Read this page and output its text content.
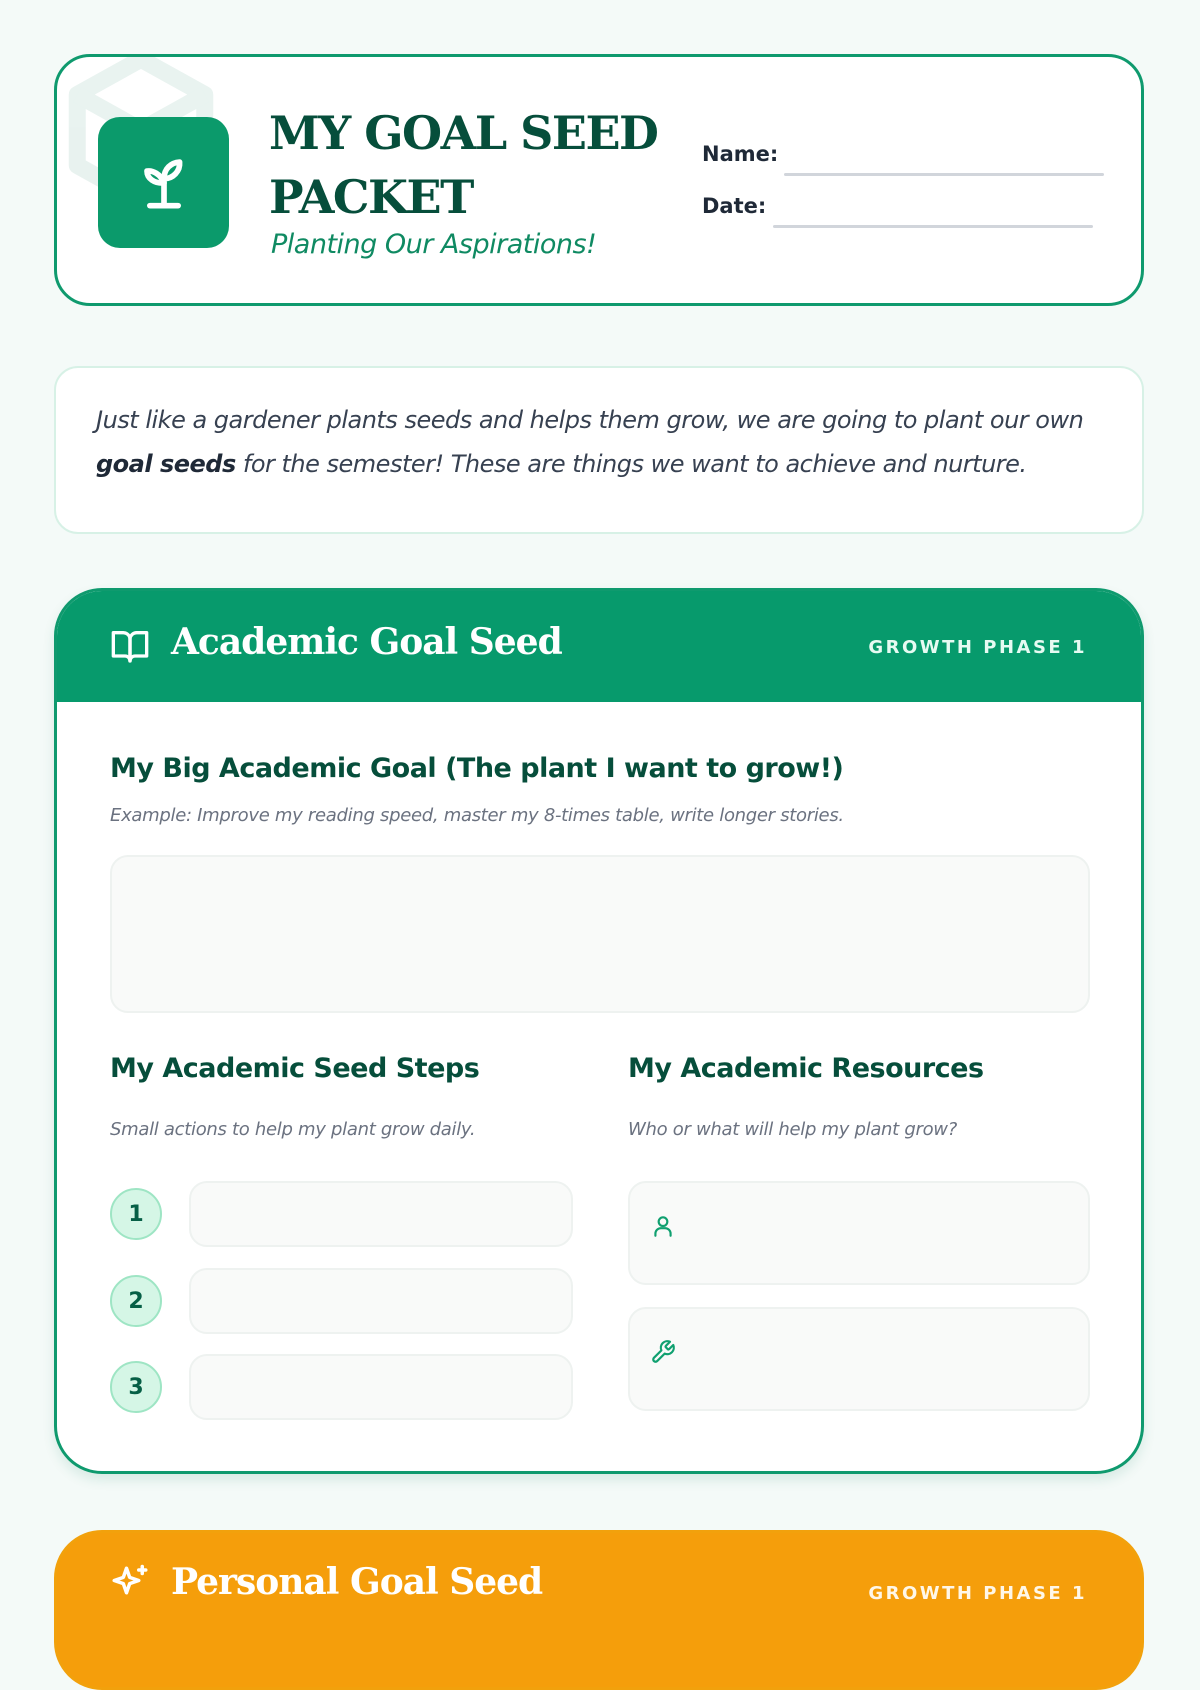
MY GOAL SEED
PACKET

Planting Our Aspirations!

Name:
Date:

Just like a gardener plants seeds and helps them grow, we are going to plant our own goal seeds for the semester! These are things we want to achieve and nurture.

Academic Goal Seed	GROWTH PHASE 1
My Big Academic Goal (The plant I want to grow!)

Example: Improve my reading speed, master my 8-times table, write longer stories.

My Academic Seed Steps

Small actions to help my plant grow daily.

1
2
3
My Academic Resources

Who or what will help my plant grow?

Personal Goal Seed	GROWTH PHASE 1
